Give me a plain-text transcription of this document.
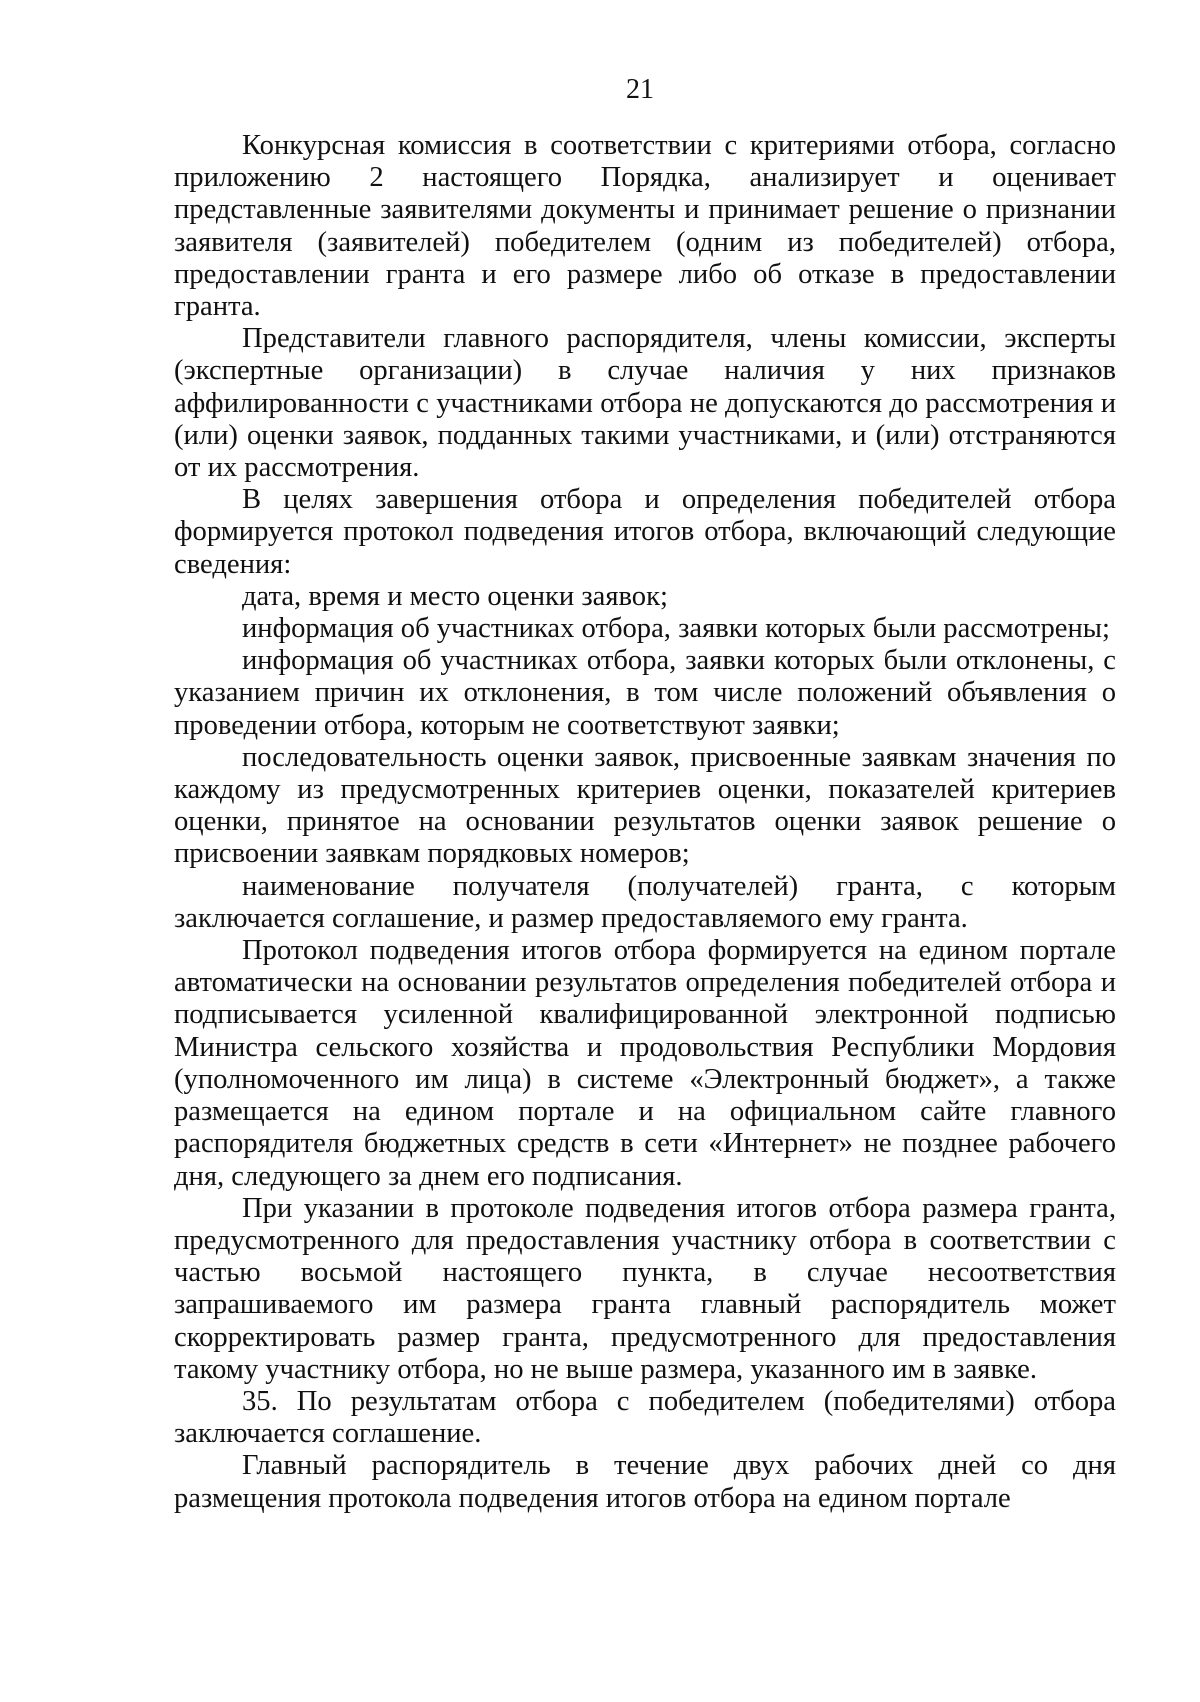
21

Конкурсная комиссия в соответствии с критериями отбора, согласно приложению 2 настоящего Порядка, анализирует и оценивает представленные заявителями документы и принимает решение о признании заявителя (заявителей) победителем (одним из победителей) отбора, предоставлении гранта и его размере либо об отказе в предоставлении гранта.

Представители главного распорядителя, члены комиссии, эксперты (экспертные организации) в случае наличия у них признаков аффилированности с участниками отбора не допускаются до рассмотрения и (или) оценки заявок, подданных такими участниками, и (или) отстраняются от их рассмотрения.

В целях завершения отбора и определения победителей отбора формируется протокол подведения итогов отбора, включающий следующие сведения:

дата, время и место оценки заявок;

информация об участниках отбора, заявки которых были рассмотрены;

информация об участниках отбора, заявки которых были отклонены, с указанием причин их отклонения, в том числе положений объявления о проведении отбора, которым не соответствуют заявки;

последовательность оценки заявок, присвоенные заявкам значения по каждому из предусмотренных критериев оценки, показателей критериев оценки, принятое на основании результатов оценки заявок решение о присвоении заявкам порядковых номеров;

наименование получателя (получателей) гранта, с которым заключается соглашение, и размер предоставляемого ему гранта.

Протокол подведения итогов отбора формируется на едином портале автоматически на основании результатов определения победителей отбора и подписывается усиленной квалифицированной электронной подписью Министра сельского хозяйства и продовольствия Республики Мордовия (уполномоченного им лица) в системе «Электронный бюджет», а также размещается на едином портале и на официальном сайте главного распорядителя бюджетных средств в сети «Интернет» не позднее рабочего дня, следующего за днем его подписания.

При указании в протоколе подведения итогов отбора размера гранта, предусмотренного для предоставления участнику отбора в соответствии с частью восьмой настоящего пункта, в случае несоответствия запрашиваемого им размера гранта главный распорядитель может скорректировать размер гранта, предусмотренного для предоставления такому участнику отбора, но не выше размера, указанного им в заявке.

35. По результатам отбора с победителем (победителями) отбора заключается соглашение.

Главный распорядитель в течение двух рабочих дней со дня размещения протокола подведения итогов отбора на едином портале
